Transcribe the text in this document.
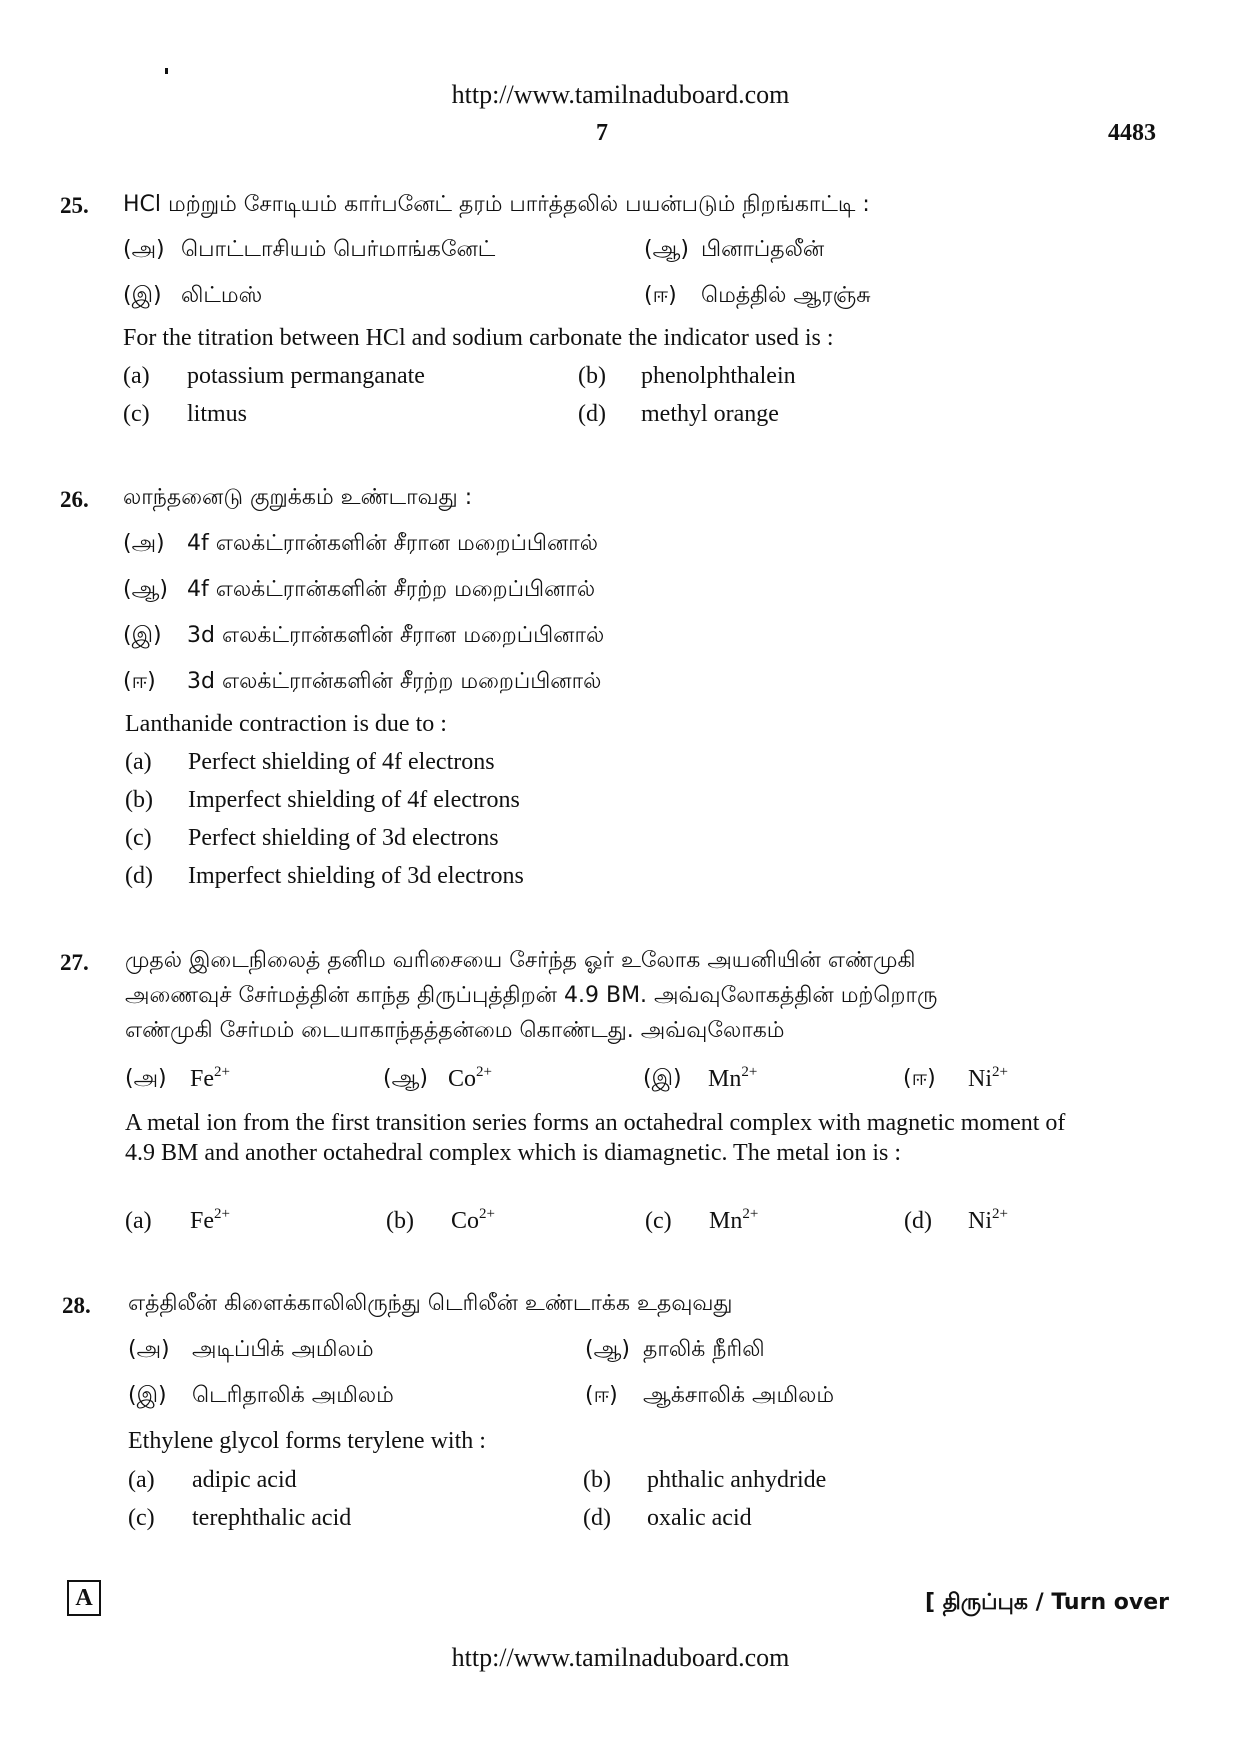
http://www.tamilnaduboard.com
7	4483
25. HCl மற்றும் சோடியம் கார்பனேட் தரம் பார்த்தலில் பயன்படும் நிறங்காட்டி :
(அ) பொட்டாசியம் பெர்மாங்கனேட்	(ஆ) பினாப்தலீன்
(இ) லிட்மஸ்	(ஈ) மெத்தில் ஆரஞ்சு
For the titration between HCl and sodium carbonate the indicator used is :
(a) potassium permanganate	(b) phenolphthalein
(c) litmus	(d) methyl orange
26. லாந்தனைடு குறுக்கம் உண்டாவது :
(அ) 4f எலக்ட்ரான்களின் சீரான மறைப்பினால்
(ஆ) 4f எலக்ட்ரான்களின் சீரற்ற மறைப்பினால்
(இ) 3d எலக்ட்ரான்களின் சீரான மறைப்பினால்
(ஈ) 3d எலக்ட்ரான்களின் சீரற்ற மறைப்பினால்
Lanthanide contraction is due to :
(a) Perfect shielding of 4f electrons
(b) Imperfect shielding of 4f electrons
(c) Perfect shielding of 3d electrons
(d) Imperfect shielding of 3d electrons
27. முதல் இடைநிலைத் தனிம வரிசையை சேர்ந்த ஓர் உலோக அயனியின் எண்முகி
அணைவுச் சேர்மத்தின் காந்த திருப்புத்திறன் 4.9 BM. அவ்வுலோகத்தின் மற்றொரு
எண்முகி சேர்மம் டையாகாந்தத்தன்மை கொண்டது. அவ்வுலோகம்
(அ) $Fe^{2+}$	(ஆ) $Co^{2+}$	(இ) $Mn^{2+}$	(ஈ) $Ni^{2+}$
A metal ion from the first transition series forms an octahedral complex with magnetic moment of 4.9 BM and another octahedral complex which is diamagnetic. The metal ion is :
(a) $Fe^{2+}$	(b) $Co^{2+}$	(c) $Mn^{2+}$	(d) $Ni^{2+}$
28. எத்திலீன் கிளைக்காலிலிருந்து டெரிலீன் உண்டாக்க உதவுவது
(அ) அடிப்பிக் அமிலம்	(ஆ) தாலிக் நீரிலி
(இ) டெரிதாலிக் அமிலம்	(ஈ) ஆக்சாலிக் அமிலம்
Ethylene glycol forms terylene with :
(a) adipic acid	(b) phthalic anhydride
(c) terephthalic acid	(d) oxalic acid
A	[ திருப்புக / Turn over
http://www.tamilnaduboard.com
